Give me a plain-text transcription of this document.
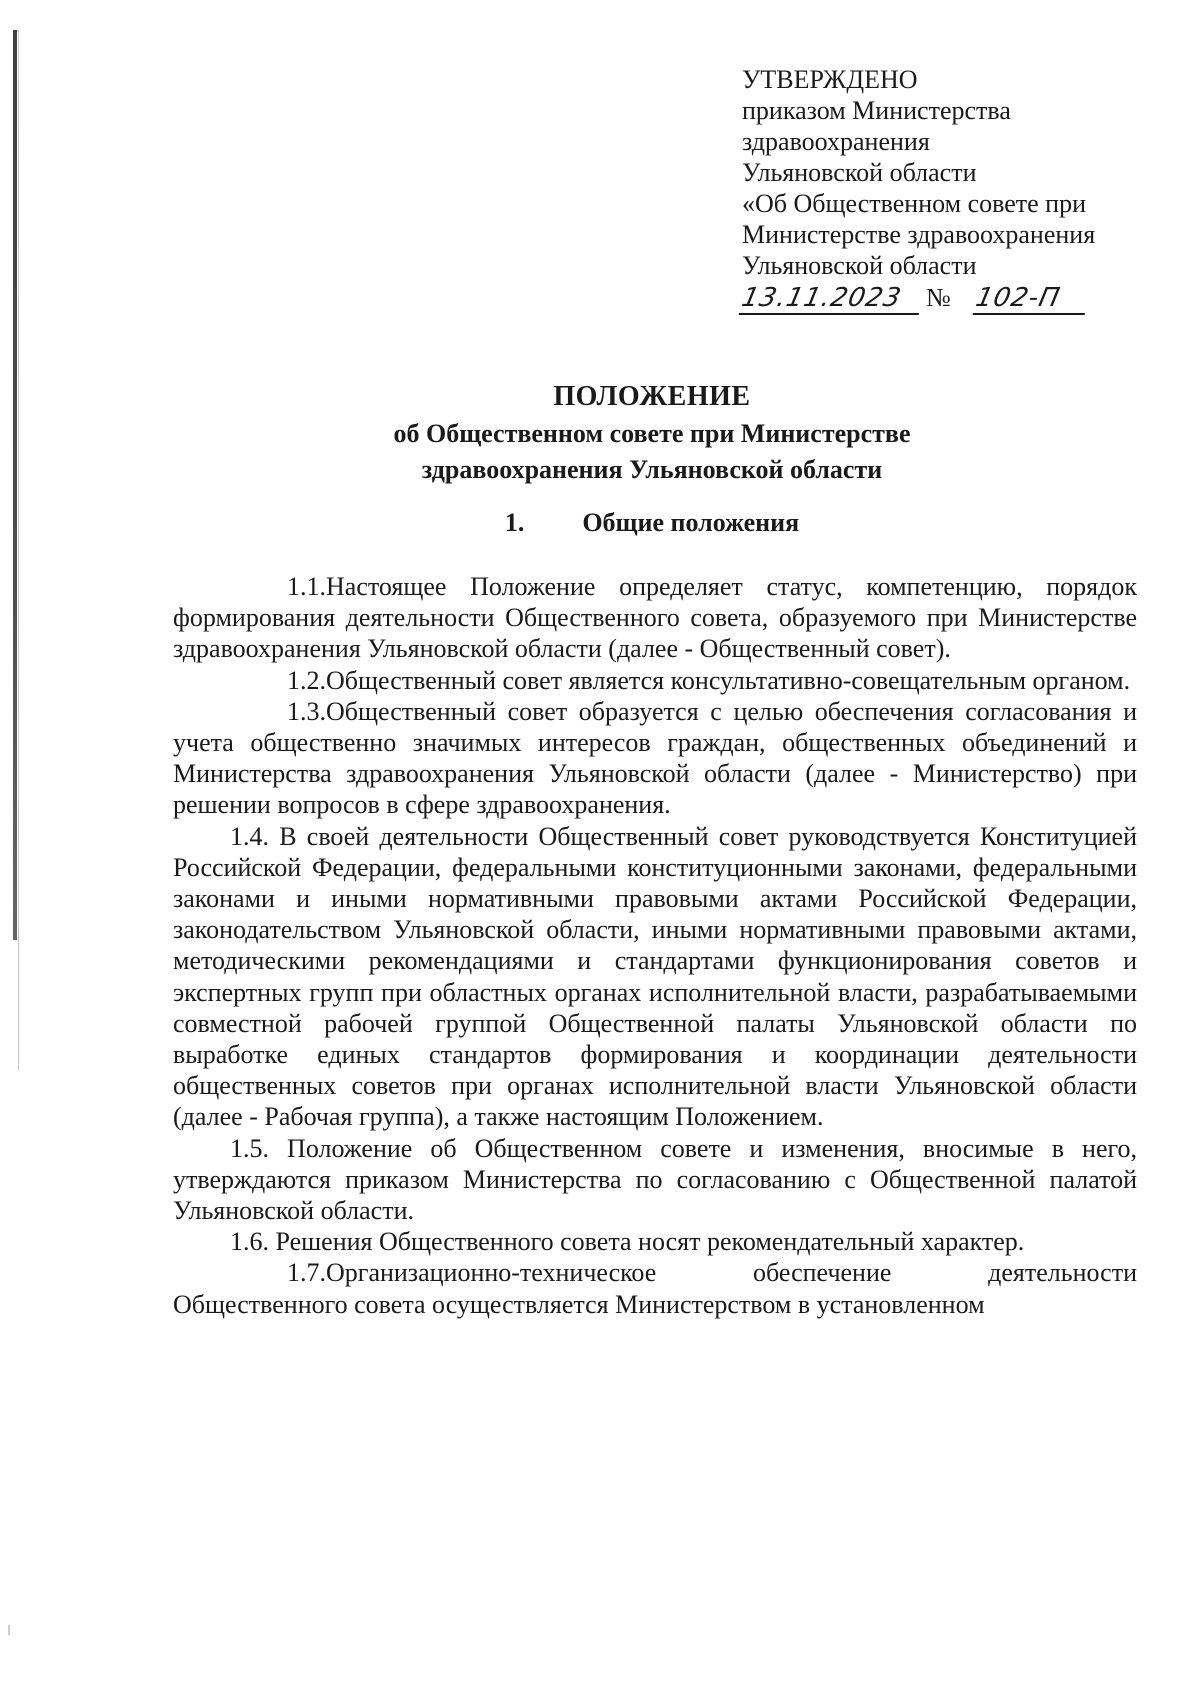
УТВЕРЖДЕНО
приказом Министерства
здравоохранения
Ульяновской области
«Об Общественном совете при
Министерстве здравоохранения
Ульяновской области
13.11.2023 № 102-П
ПОЛОЖЕНИЕ
об Общественном совете при Министерстве
здравоохранения Ульяновской области
1. Общие положения

1.1.Настоящее Положение определяет статус, компетенцию, порядок формирования деятельности Общественного совета, образуемого при Министерстве здравоохранения Ульяновской области (далее - Общественный совет).

1.2.Общественный совет является консультативно-совещательным органом.

1.3.Общественный совет образуется с целью обеспечения согласования и учета общественно значимых интересов граждан, общественных объединений и Министерства здравоохранения Ульяновской области (далее - Министерство) при решении вопросов в сфере здравоохранения.

1.4. В своей деятельности Общественный совет руководствуется Конституцией Российской Федерации, федеральными конституционными законами, федеральными законами и иными нормативными правовыми актами Российской Федерации, законодательством Ульяновской области, иными нормативными правовыми актами, методическими рекомендациями и стандартами функционирования советов и экспертных групп при областных органах исполнительной власти, разрабатываемыми совместной рабочей группой Общественной палаты Ульяновской области по выработке единых стандартов формирования и координации деятельности общественных советов при органах исполнительной власти Ульяновской области (далее - Рабочая группа), а также настоящим Положением.

1.5. Положение об Общественном совете и изменения, вносимые в него, утверждаются приказом Министерства по согласованию с Общественной палатой Ульяновской области.

1.6. Решения Общественного совета носят рекомендательный характер.

1.7.Организационно-техническое обеспечение деятельности Общественного совета осуществляется Министерством в установленном
